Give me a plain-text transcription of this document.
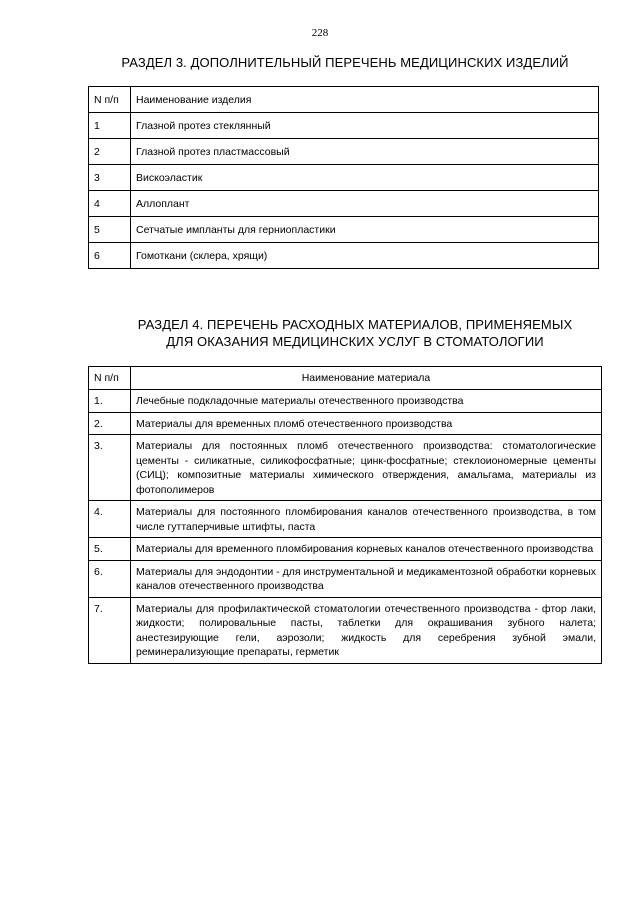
228
РАЗДЕЛ 3. ДОПОЛНИТЕЛЬНЫЙ ПЕРЕЧЕНЬ МЕДИЦИНСКИХ ИЗДЕЛИЙ
N п/п	Наименование изделия
1	Глазной протез стеклянный
2	Глазной протез пластмассовый
3	Вискоэластик
4	Аллоплант
5	Сетчатые импланты для герниопластики
6	Гомоткани (склера, хрящи)
РАЗДЕЛ 4. ПЕРЕЧЕНЬ РАСХОДНЫХ МАТЕРИАЛОВ, ПРИМЕНЯЕМЫХ
ДЛЯ ОКАЗАНИЯ МЕДИЦИНСКИХ УСЛУГ В СТОМАТОЛОГИИ
N п/п	Наименование материала
1.	Лечебные подкладочные материалы отечественного производства
2.	Материалы для временных пломб отечественного производства
3.	Материалы для постоянных пломб отечественного производства: стоматологические цементы - силикатные, силикофосфатные; цинк-фосфатные; стеклоиономерные цементы (СИЦ); композитные материалы химического отверждения, амальгама, материалы из фотополимеров
4.	Материалы для постоянного пломбирования каналов отечественного производства, в том числе гуттаперчивые штифты, паста
5.	Материалы для временного пломбирования корневых каналов отечественного производства
6.	Материалы для эндодонтии - для инструментальной и медикаментозной обработки корневых каналов отечественного производства
7.	Материалы для профилактической стоматологии отечественного производства - фтор лаки, жидкости; полировальные пасты, таблетки для окрашивания зубного налета; анестезирующие гели, аэрозоли; жидкость для серебрения зубной эмали, реминерализующие препараты, герметик
